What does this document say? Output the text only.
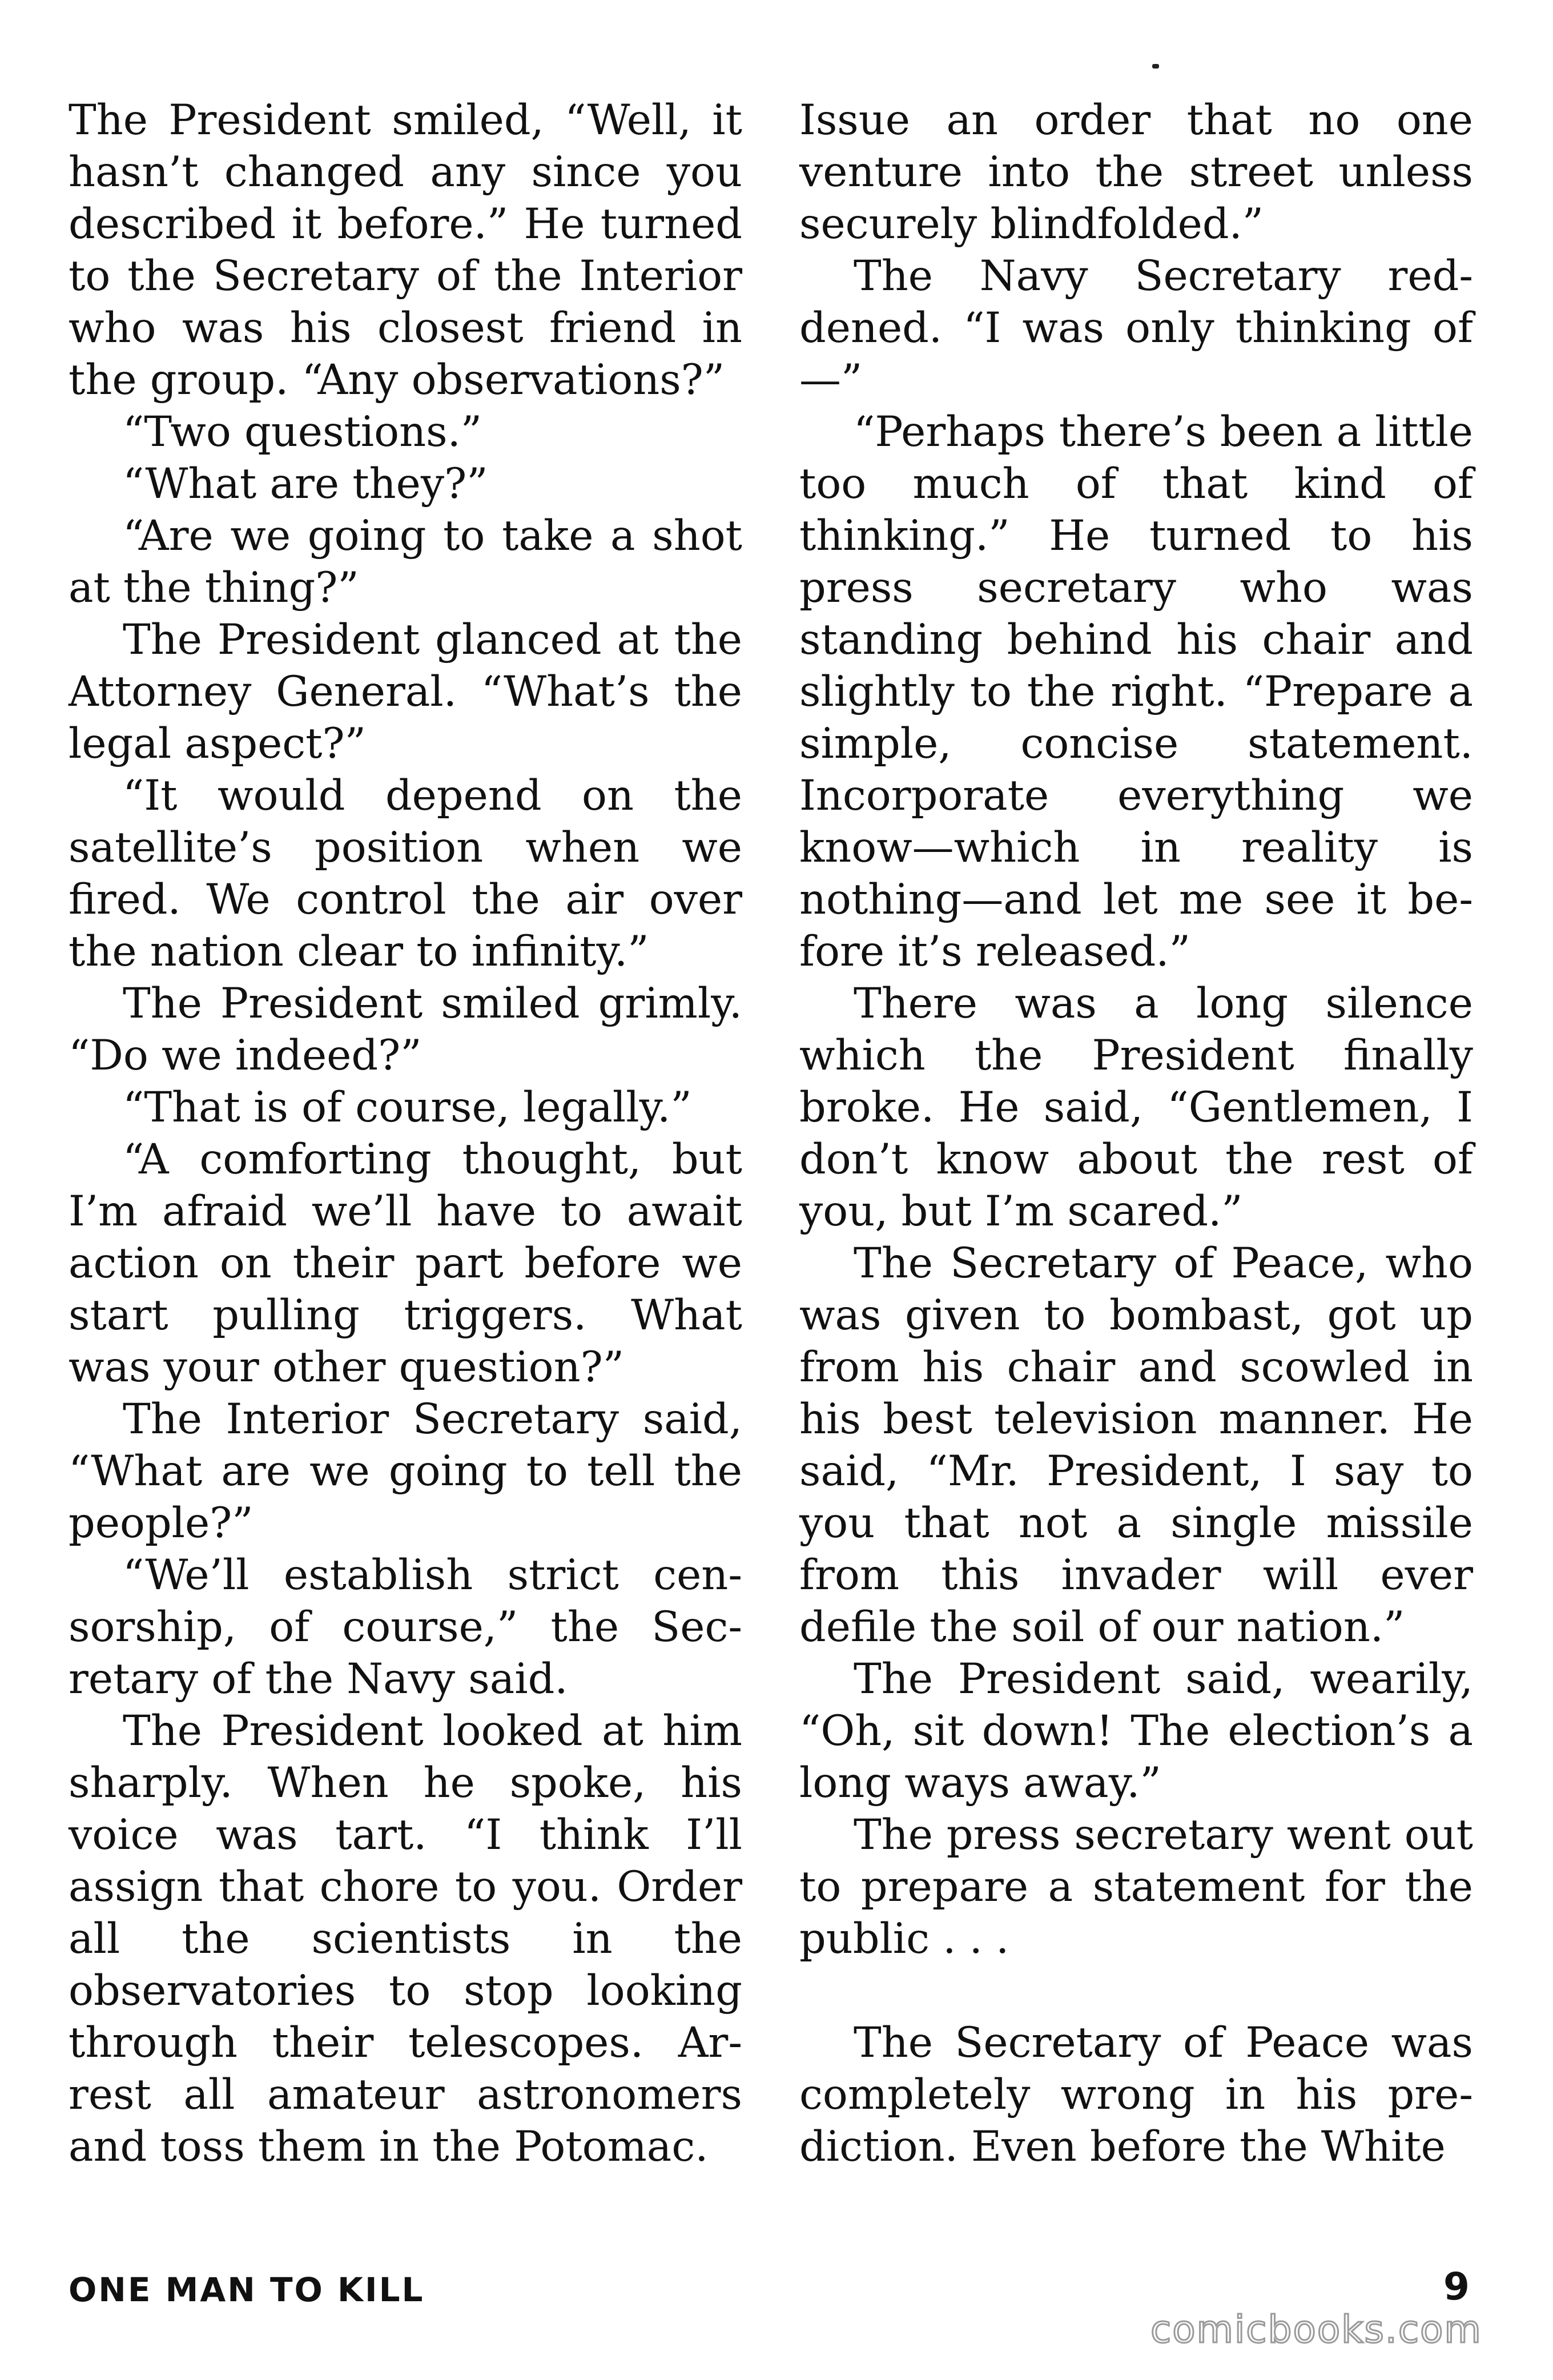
The President smiled, “Well, it hasn’t changed any since you described it before.” He turned to the Secretary of the Interior who was his closest friend in the group. “Any observations?”

“Two questions.”

“What are they?”

“Are we going to take a shot at the thing?”

The President glanced at the Attorney General. “What’s the legal aspect?”

“It would depend on the satellite’s position when we fired. We control the air over the nation clear to infinity.”

The President smiled grimly. “Do we indeed?”

“That is of course, legally.”

“A comforting thought, but I’m afraid we’ll have to await action on their part before we start pulling triggers. What was your other question?”

The Interior Secretary said, “What are we going to tell the people?”

“We’ll establish strict censorship, of course,” the Secretary of the Navy said.

The President looked at him sharply. When he spoke, his voice was tart. “I think I’ll assign that chore to you. Order all the scientists in the observatories to stop looking through their telescopes. Arrest all amateur astronomers and toss them in the Potomac.

Issue an order that no one venture into the street unless securely blindfolded.”

The Navy Secretary reddened. “I was only thinking of—”

“Perhaps there’s been a little too much of that kind of thinking.” He turned to his press secretary who was standing behind his chair and slightly to the right. “Prepare a simple, concise statement. Incorporate everything we know—which in reality is nothing—and let me see it before it’s released.”

There was a long silence which the President finally broke. He said, “Gentlemen, I don’t know about the rest of you, but I’m scared.”

The Secretary of Peace, who was given to bombast, got up from his chair and scowled in his best television manner. He said, “Mr. President, I say to you that not a single missile from this invader will ever defile the soil of our nation.”

The President said, wearily, “Oh, sit down! The election’s a long ways away.”

The press secretary went out to prepare a statement for the public . . .

The Secretary of Peace was completely wrong in his prediction. Even before the White

ONE MAN TO KILL	9
comicbooks.com
